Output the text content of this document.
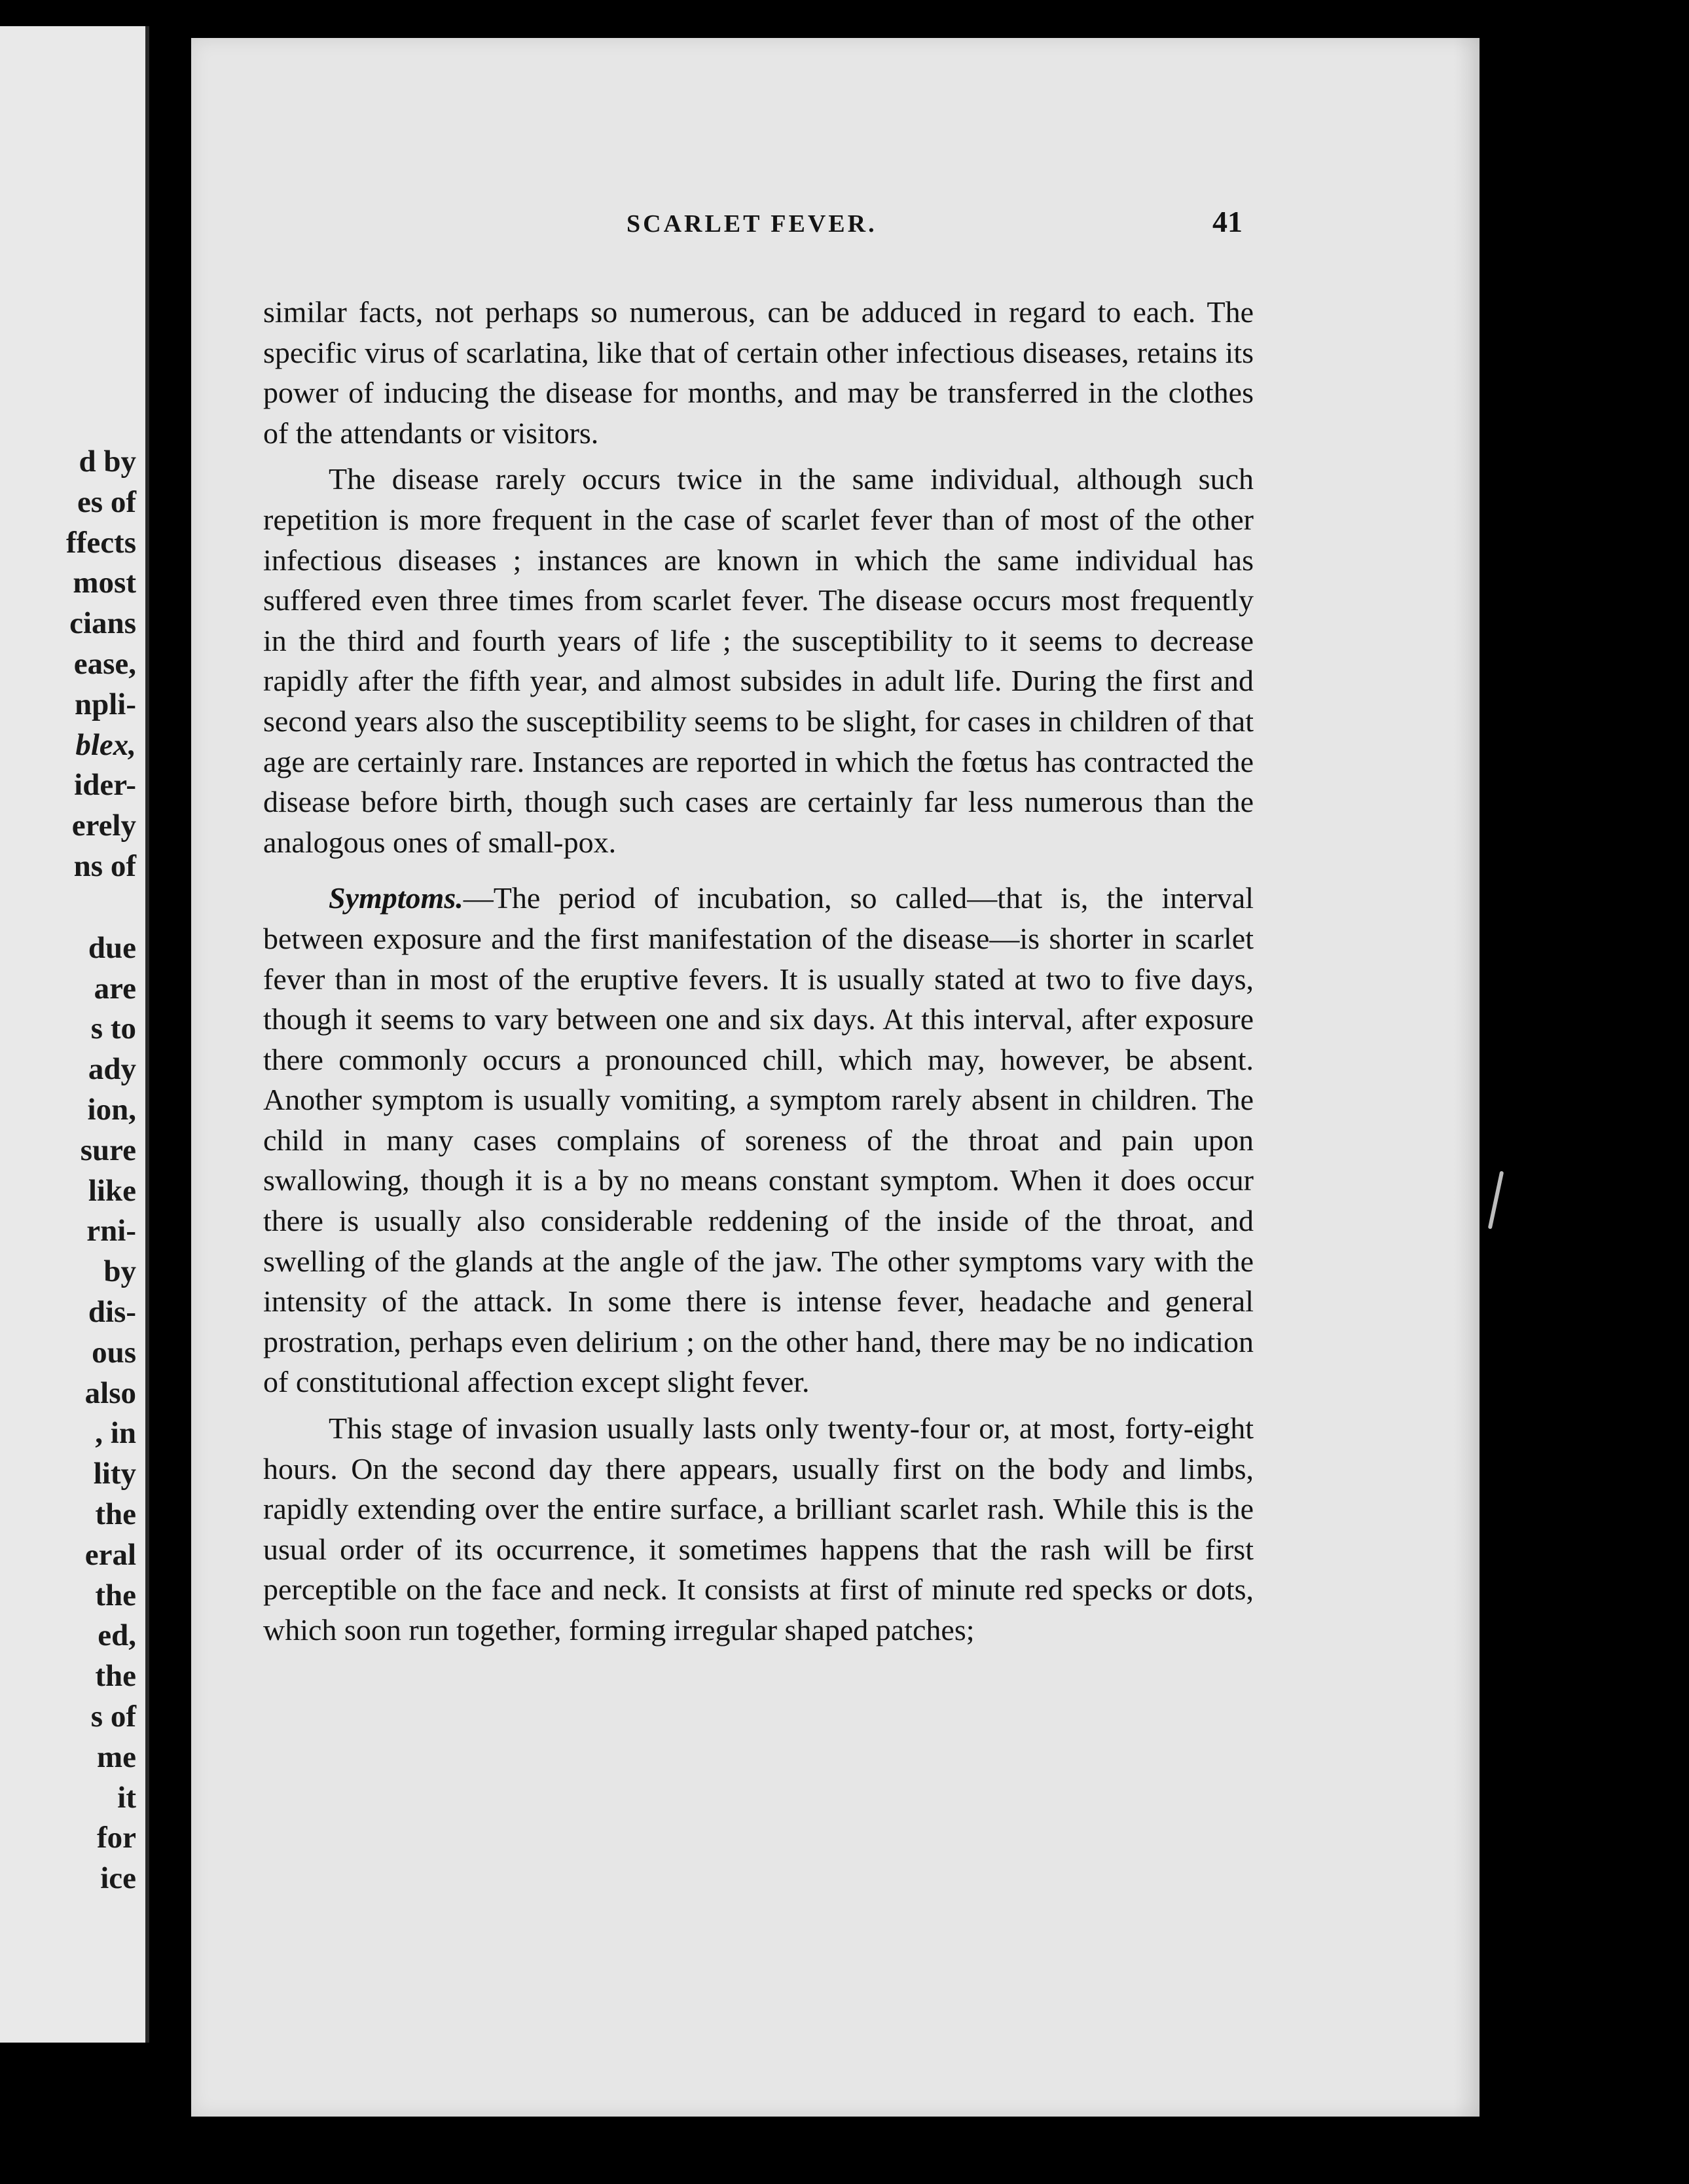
d by
es of
ffects
most
cians
ease,
npli-
blex,
ider-
erely
ns of
due
are
s to
ady
ion,
sure
like
rni-
by
dis-
ous
also
, in
lity
the
eral
the
ed,
the
s of
me
it
for
ice
SCARLET FEVER.	41

similar facts, not perhaps so numerous, can be adduced in regard to each. The specific virus of scarlatina, like that of certain other infectious diseases, retains its power of inducing the disease for months, and may be transferred in the clothes of the attendants or visitors.

The disease rarely occurs twice in the same individual, although such repetition is more frequent in the case of scarlet fever than of most of the other infectious diseases ; instances are known in which the same individual has suffered even three times from scarlet fever. The disease occurs most frequently in the third and fourth years of life ; the susceptibility to it seems to decrease rapidly after the fifth year, and almost subsides in adult life. During the first and second years also the susceptibility seems to be slight, for cases in children of that age are certainly rare. Instances are reported in which the fœtus has contracted the disease before birth, though such cases are certainly far less numerous than the analogous ones of small-pox.

Symptoms.—The period of incubation, so called—that is, the interval between exposure and the first manifestation of the disease—is shorter in scarlet fever than in most of the eruptive fevers. It is usually stated at two to five days, though it seems to vary between one and six days. At this interval, after exposure there commonly occurs a pronounced chill, which may, however, be absent. Another symptom is usually vomiting, a symptom rarely absent in children. The child in many cases complains of soreness of the throat and pain upon swallowing, though it is a by no means constant symptom. When it does occur there is usually also considerable reddening of the inside of the throat, and swelling of the glands at the angle of the jaw. The other symptoms vary with the intensity of the attack. In some there is intense fever, headache and general prostration, perhaps even delirium ; on the other hand, there may be no indication of constitutional affection except slight fever.

This stage of invasion usually lasts only twenty-four or, at most, forty-eight hours. On the second day there appears, usually first on the body and limbs, rapidly extending over the entire surface, a brilliant scarlet rash. While this is the usual order of its occurrence, it sometimes happens that the rash will be first perceptible on the face and neck. It consists at first of minute red specks or dots, which soon run together, forming irregular shaped patches;
